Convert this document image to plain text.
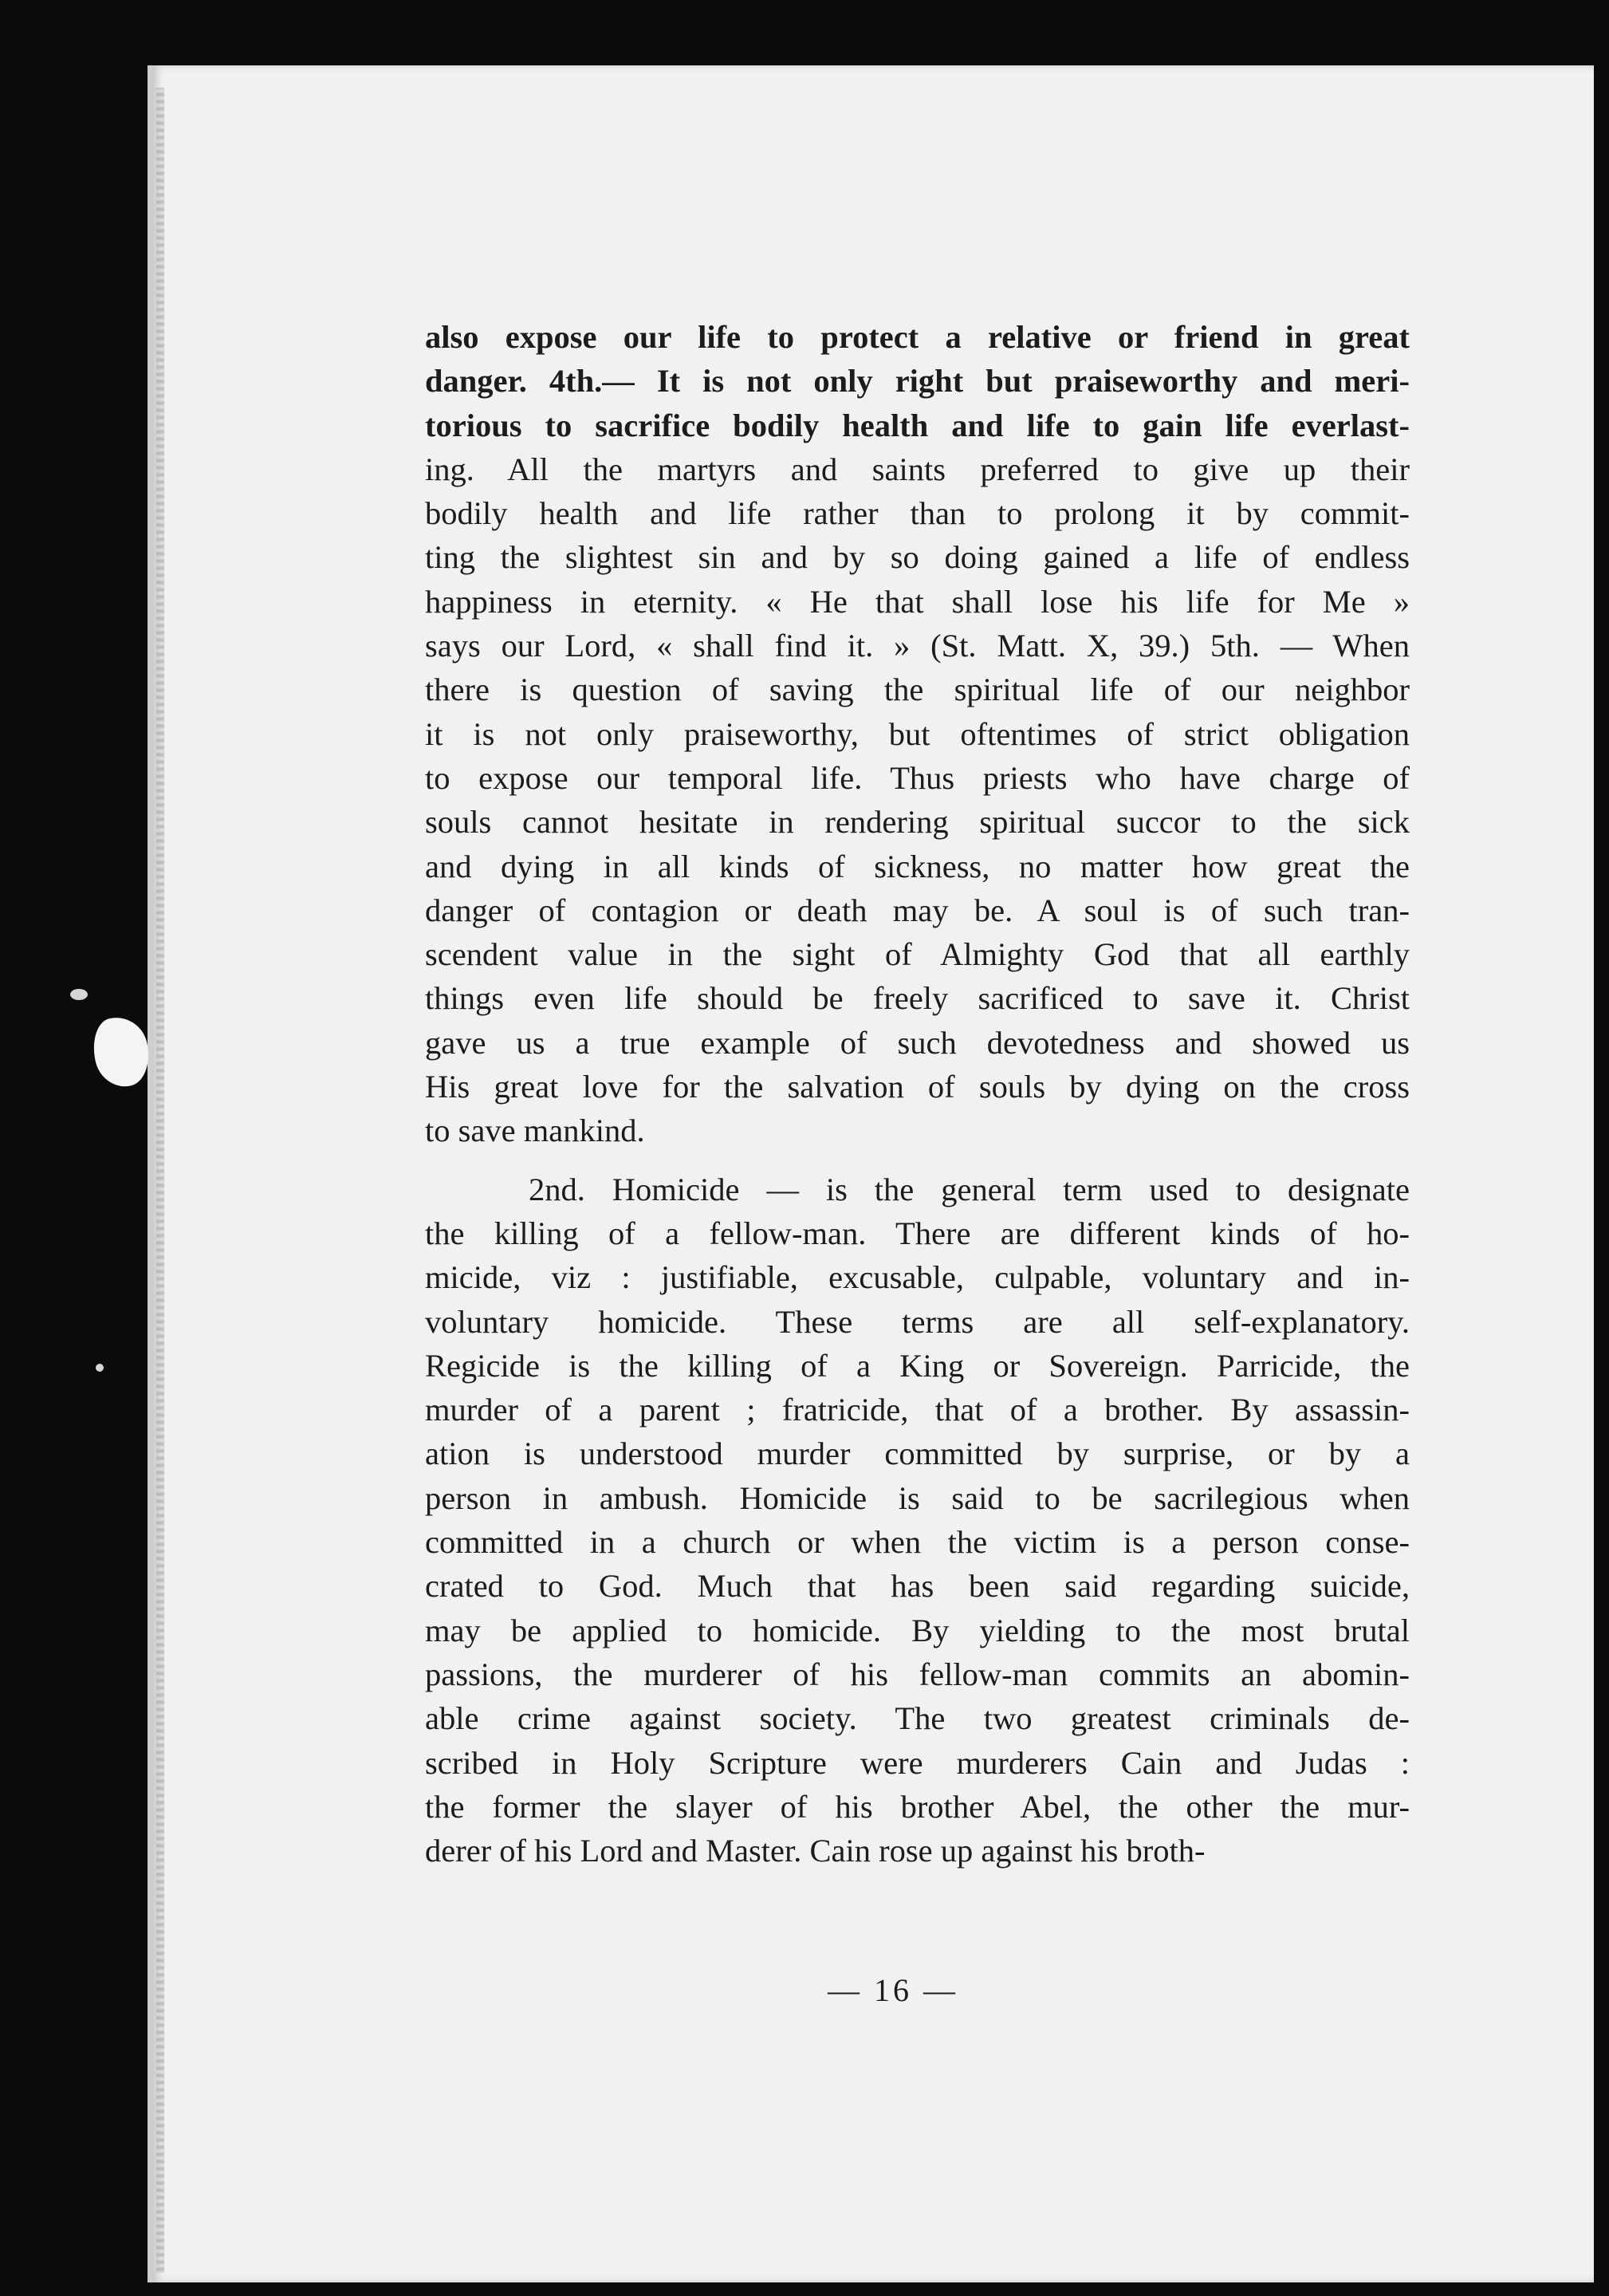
also expose our life to protect a relative or friend in great
danger. 4th.— It is not only right but praiseworthy and meri-
torious to sacrifice bodily health and life to gain life everlast-
ing. All the martyrs and saints preferred to give up their
bodily health and life rather than to prolong it by commit-
ting the slightest sin and by so doing gained a life of endless
happiness in eternity. « He that shall lose his life for Me »
says our Lord, « shall find it. » (St. Matt. X, 39.) 5th. — When
there is question of saving the spiritual life of our neighbor
it is not only praiseworthy, but oftentimes of strict obligation
to expose our temporal life. Thus priests who have charge of
souls cannot hesitate in rendering spiritual succor to the sick
and dying in all kinds of sickness, no matter how great the
danger of contagion or death may be. A soul is of such tran-
scendent value in the sight of Almighty God that all earthly
things even life should be freely sacrificed to save it. Christ
gave us a true example of such devotedness and showed us
His great love for the salvation of souls by dying on the cross
to save mankind.
2nd. Homicide — is the general term used to designate
the killing of a fellow-man. There are different kinds of ho-
micide, viz : justifiable, excusable, culpable, voluntary and in-
voluntary homicide. These terms are all self-explanatory.
Regicide is the killing of a King or Sovereign. Parricide, the
murder of a parent ; fratricide, that of a brother. By assassin-
ation is understood murder committed by surprise, or by a
person in ambush. Homicide is said to be sacrilegious when
committed in a church or when the victim is a person conse-
crated to God. Much that has been said regarding suicide,
may be applied to homicide. By yielding to the most brutal
passions, the murderer of his fellow-man commits an abomin-
able crime against society. The two greatest criminals de-
scribed in Holy Scripture were murderers Cain and Judas :
the former the slayer of his brother Abel, the other the mur-
derer of his Lord and Master. Cain rose up against his broth-
— 16 —
